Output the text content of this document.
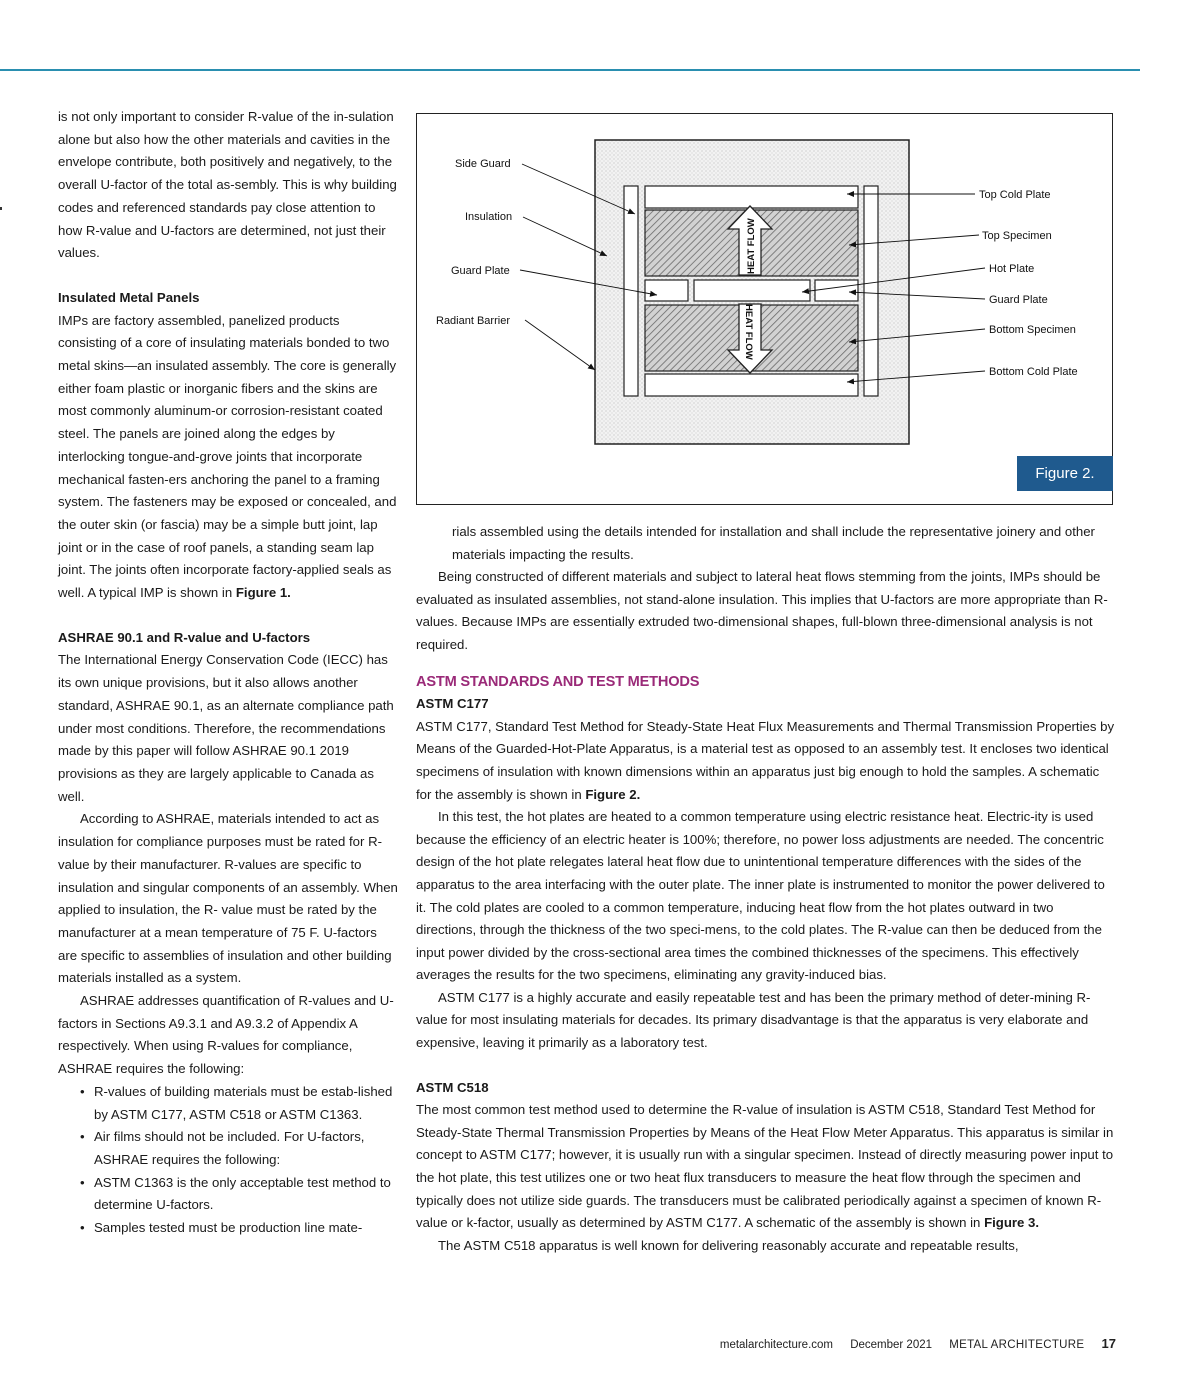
is not only important to consider R-value of the in-sulation alone but also how the other materials and cavities in the envelope contribute, both positively and negatively, to the overall U-factor of the total as-sembly. This is why building codes and referenced standards pay close attention to how R-value and U-factors are determined, not just their values.

Insulated Metal Panels

IMPs are factory assembled, panelized products consisting of a core of insulating materials bonded to two metal skins—an insulated assembly. The core is generally either foam plastic or inorganic fibers and the skins are most commonly aluminum-or corrosion-resistant coated steel. The panels are joined along the edges by interlocking tongue-and-grove joints that incorporate mechanical fasten-ers anchoring the panel to a framing system. The fasteners may be exposed or concealed, and the outer skin (or fascia) may be a simple butt joint, lap joint or in the case of roof panels, a standing seam lap joint. The joints often incorporate factory-applied seals as well. A typical IMP is shown in Figure 1.

ASHRAE 90.1 and R-value and U-factors

The International Energy Conservation Code (IECC) has its own unique provisions, but it also allows another standard, ASHRAE 90.1, as an alternate compliance path under most conditions. Therefore, the recommendations made by this paper will follow ASHRAE 90.1 2019 provisions as they are largely applicable to Canada as well.

According to ASHRAE, materials intended to act as insulation for compliance purposes must be rated for R-value by their manufacturer. R-values are specific to insulation and singular components of an assembly. When applied to insulation, the R- value must be rated by the manufacturer at a mean temperature of 75 F. U-factors are specific to assemblies of insulation and other building materials installed as a system.

ASHRAE addresses quantification of R-values and U-factors in Sections A9.3.1 and A9.3.2 of Appendix A respectively. When using R-values for compliance, ASHRAE requires the following:

• R-values of building materials must be estab-lished by ASTM C177, ASTM C518 or ASTM C1363.
• Air films should not be included. For U-factors, ASHRAE requires the following:
• ASTM C1363 is the only acceptable test method to determine U-factors.
• Samples tested must be production line mate-
HEAT FLOW
HEAT FLOW
Side Guard
Insulation
Guard Plate
Radiant Barrier
Top Cold Plate
Top Specimen
Hot Plate
Guard Plate
Bottom Specimen
Bottom Cold Plate
Figure 2.

rials assembled using the details intended for installation and shall include the representative joinery and other materials impacting the results.

Being constructed of different materials and subject to lateral heat flows stemming from the joints, IMPs should be evaluated as insulated assemblies, not stand-alone insulation. This implies that U-factors are more appropriate than R-values. Because IMPs are essentially extruded two-dimensional shapes, full-blown three-dimensional analysis is not required.

ASTM STANDARDS AND TEST METHODS

ASTM C177

ASTM C177, Standard Test Method for Steady-State Heat Flux Measurements and Thermal Transmission Properties by Means of the Guarded-Hot-Plate Apparatus, is a material test as opposed to an assembly test. It encloses two identical specimens of insulation with known dimensions within an apparatus just big enough to hold the samples. A schematic for the assembly is shown in Figure 2.

In this test, the hot plates are heated to a common temperature using electric resistance heat. Electric-ity is used because the efficiency of an electric heater is 100%; therefore, no power loss adjustments are needed. The concentric design of the hot plate relegates lateral heat flow due to unintentional temperature differences with the sides of the apparatus to the area interfacing with the outer plate. The inner plate is instrumented to monitor the power delivered to it. The cold plates are cooled to a common temperature, inducing heat flow from the hot plates outward in two directions, through the thickness of the two speci-mens, to the cold plates. The R-value can then be deduced from the input power divided by the cross-sectional area times the combined thicknesses of the specimens. This effectively averages the results for the two specimens, eliminating any gravity-induced bias.

ASTM C177 is a highly accurate and easily repeatable test and has been the primary method of deter-mining R-value for most insulating materials for decades. Its primary disadvantage is that the apparatus is very elaborate and expensive, leaving it primarily as a laboratory test.

ASTM C518

The most common test method used to determine the R-value of insulation is ASTM C518, Standard Test Method for Steady-State Thermal Transmission Properties by Means of the Heat Flow Meter Apparatus. This apparatus is similar in concept to ASTM C177; however, it is usually run with a singular specimen. Instead of directly measuring power input to the hot plate, this test utilizes one or two heat flux transducers to measure the heat flow through the specimen and typically does not utilize side guards. The transducers must be calibrated periodically against a specimen of known R-value or k-factor, usually as determined by ASTM C177. A schematic of the assembly is shown in Figure 3.

The ASTM C518 apparatus is well known for delivering reasonably accurate and repeatable results,

metalarchitecture.com December 2021 METAL ARCHITECTURE 17
